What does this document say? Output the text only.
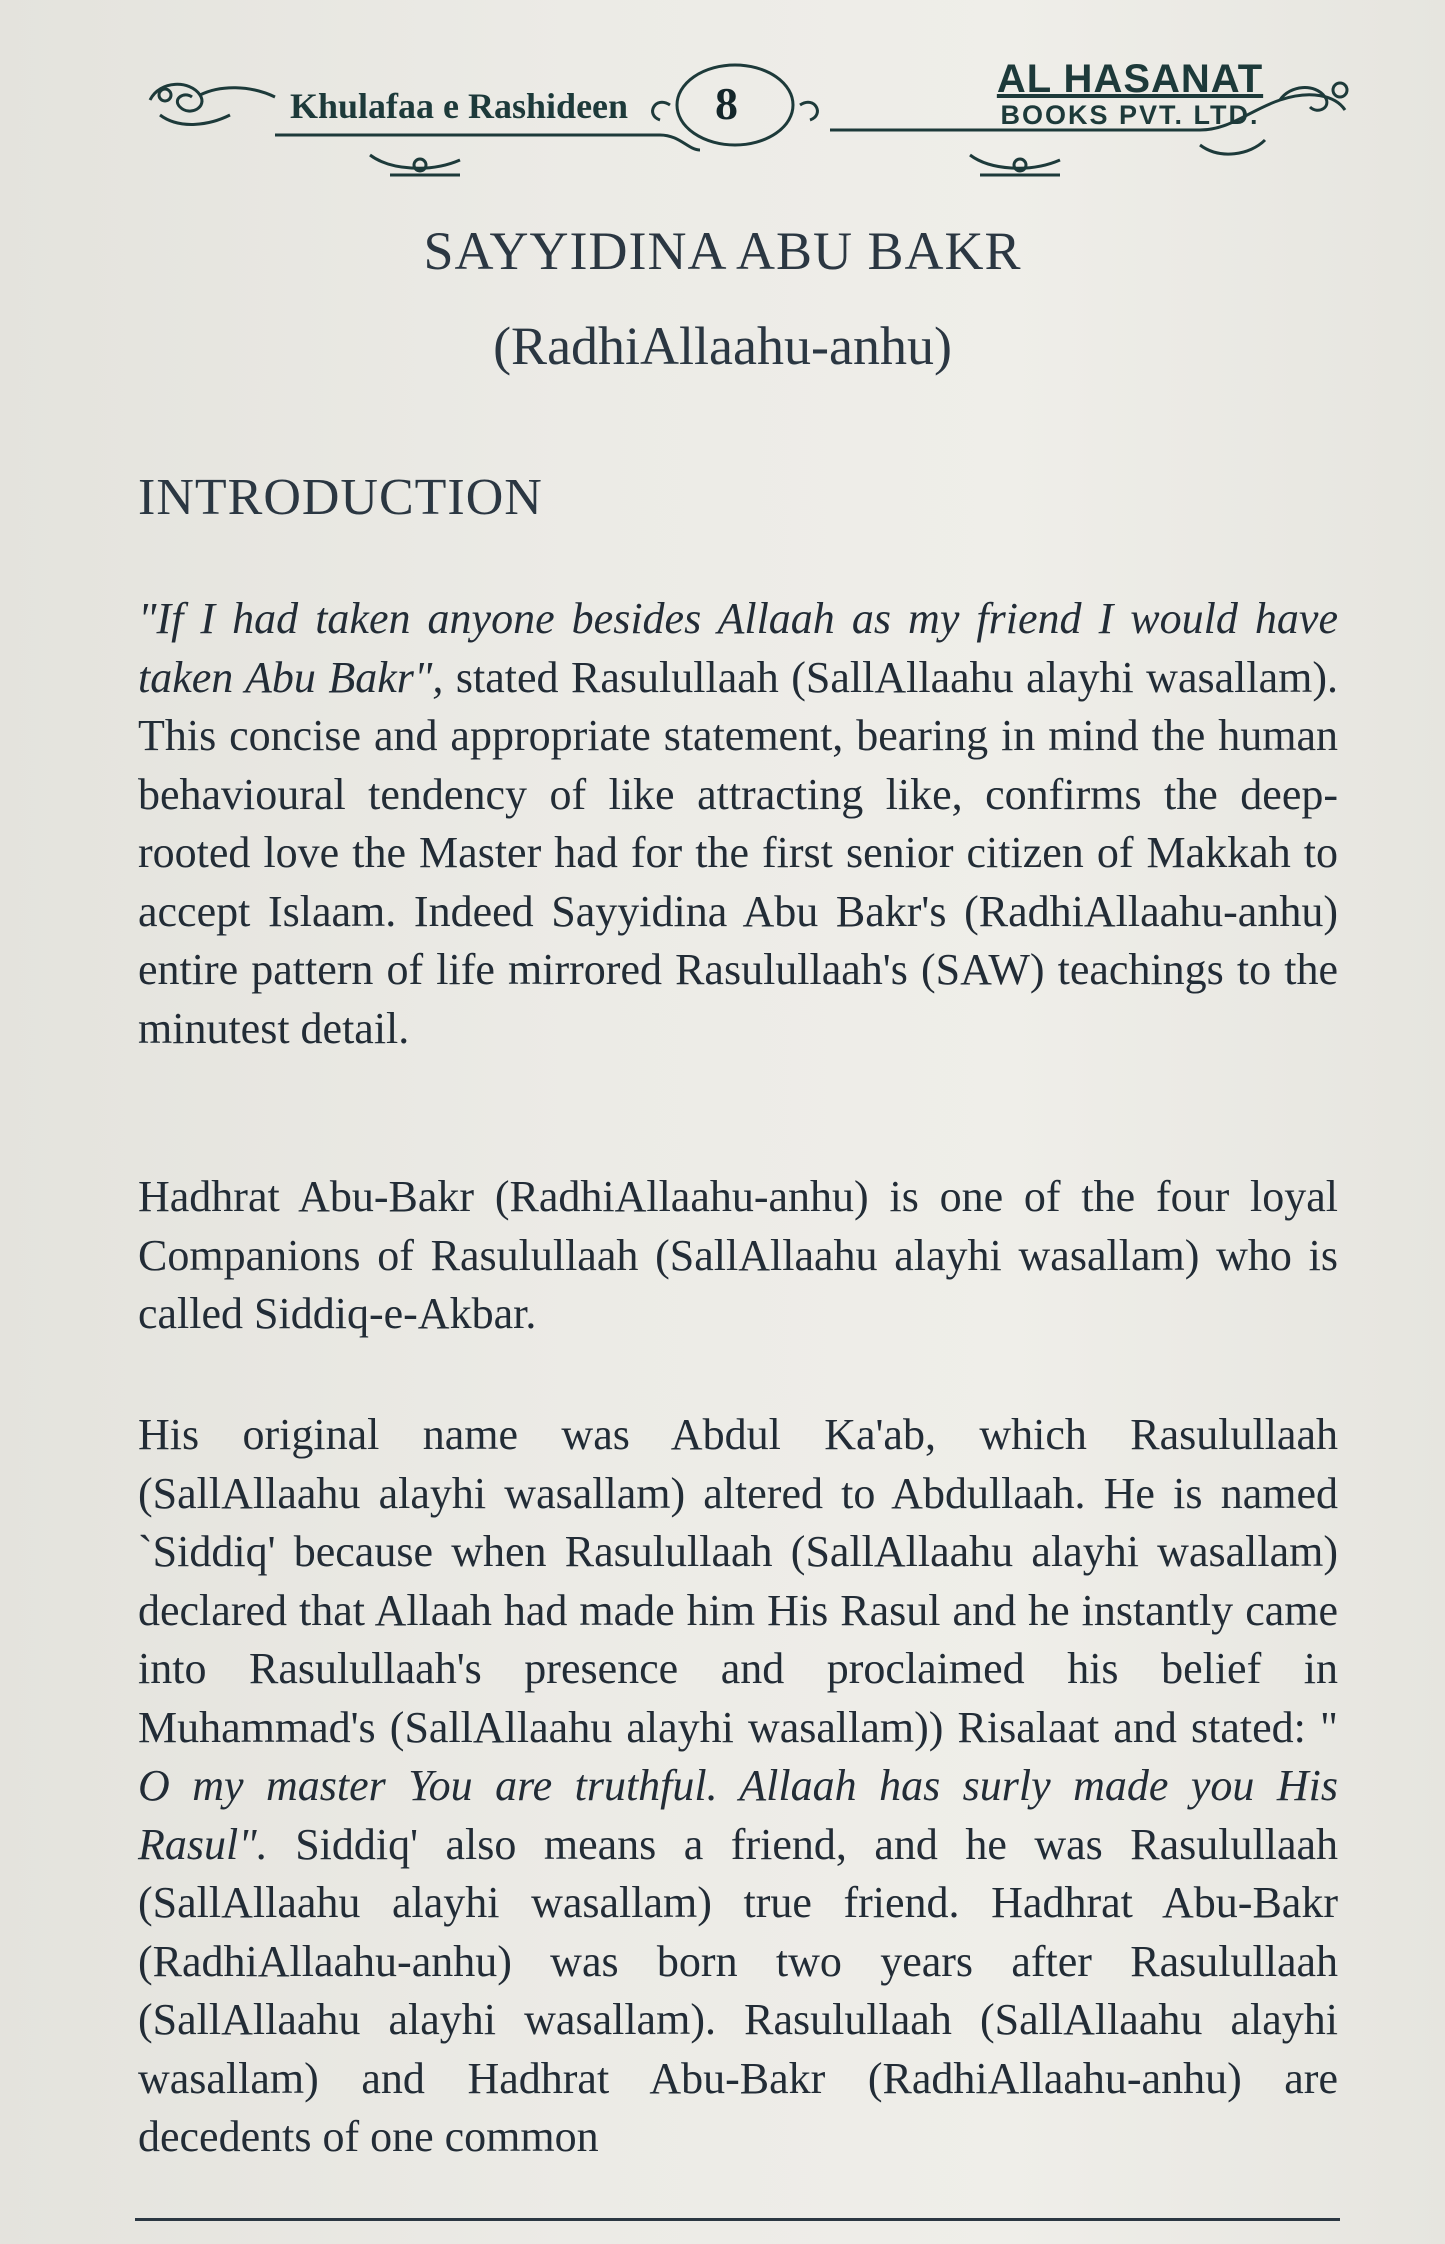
Khulafaa e Rashideen 8	AL HASANAT
BOOKS PVT. LTD.
SAYYIDINA ABU BAKR
(RadhiAllaahu-anhu)
INTRODUCTION

"If I had taken anyone besides Allaah as my friend I would have taken Abu Bakr", stated Rasulullaah (SallAllaahu alayhi wasallam). This concise and appropriate statement, bearing in mind the human behavioural tendency of like attracting like, confirms the deep-rooted love the Master had for the first senior citizen of Makkah to accept Islaam. Indeed Sayyidina Abu Bakr's (RadhiAllaahu-anhu) entire pattern of life mirrored Rasulullaah's (SAW) teachings to the minutest detail.

Hadhrat Abu-Bakr (RadhiAllaahu-anhu) is one of the four loyal Companions of Rasulullaah (SallAllaahu alayhi wasallam) who is called Siddiq-e-Akbar.

His original name was Abdul Ka'ab, which Rasulullaah (SallAllaahu alayhi wasallam) altered to Abdullaah. He is named `Siddiq' because when Rasulullaah (SallAllaahu alayhi wasallam) declared that Allaah had made him His Rasul and he instantly came into Rasulullaah's presence and proclaimed his belief in Muhammad's (SallAllaahu alayhi wasallam)) Risalaat and stated: " O my master You are truthful. Allaah has surly made you His Rasul". Siddiq' also means a friend, and he was Rasulullaah (SallAllaahu alayhi wasallam) true friend. Hadhrat Abu-Bakr (RadhiAllaahu-anhu) was born two years after Rasulullaah (SallAllaahu alayhi wasallam). Rasulullaah (SallAllaahu alayhi wasallam) and Hadhrat Abu-Bakr (RadhiAllaahu-anhu) are decedents of one common
